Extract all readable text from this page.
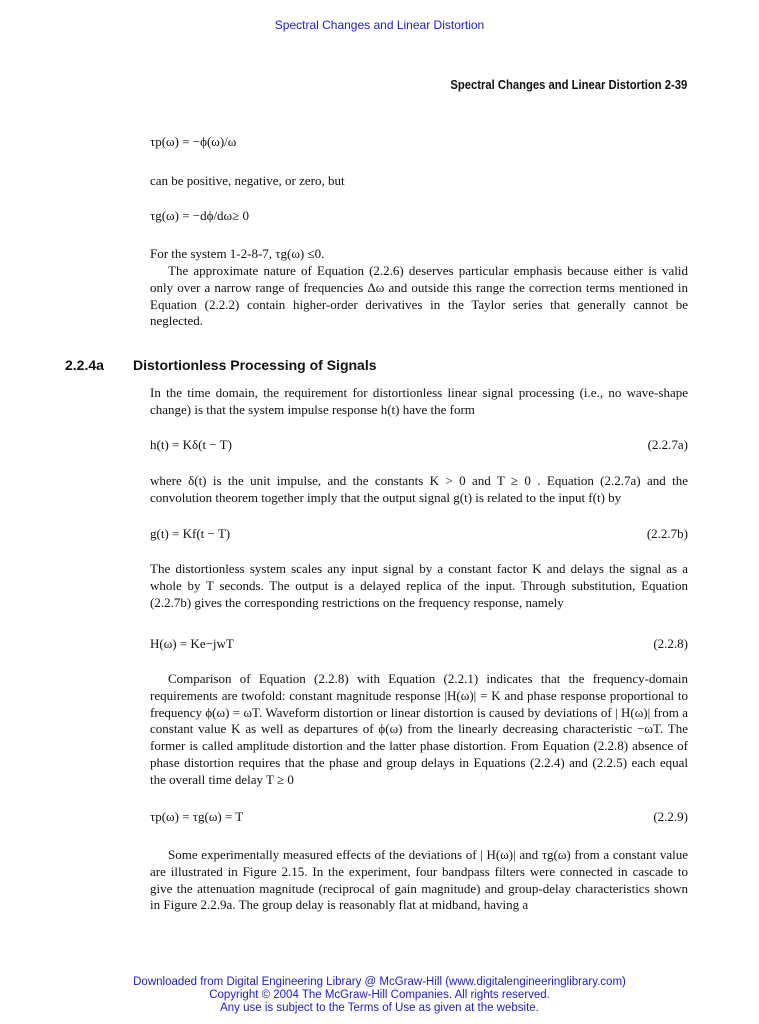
Spectral Changes and Linear Distortion
Spectral Changes and Linear Distortion 2-39
τp(ω) = −ϕ(ω)/ω
can be positive, negative, or zero, but
τg(ω) = −dϕ/dω≥ 0
For the system 1-2-8-7, τg(ω) ≤0.
The approximate nature of Equation (2.2.6) deserves particular emphasis because either is valid only over a narrow range of frequencies Δω and outside this range the correction terms mentioned in Equation (2.2.2) contain higher-order derivatives in the Taylor series that generally cannot be neglected.
2.2.4a Distortionless Processing of Signals
In the time domain, the requirement for distortionless linear signal processing (i.e., no wave-shape change) is that the system impulse response h(t) have the form
h(t) = Kδ(t − T)	(2.2.7a)
where δ(t) is the unit impulse, and the constants K > 0 and T ≥ 0 . Equation (2.2.7a) and the convolution theorem together imply that the output signal g(t) is related to the input f(t) by
g(t) = Kf(t − T)	(2.2.7b)
The distortionless system scales any input signal by a constant factor K and delays the signal as a whole by T seconds. The output is a delayed replica of the input. Through substitution, Equation (2.2.7b) gives the corresponding restrictions on the frequency response, namely
H(ω) = Ke−jwT	(2.2.8)
Comparison of Equation (2.2.8) with Equation (2.2.1) indicates that the frequency-domain requirements are twofold: constant magnitude response |H(ω)| = K and phase response proportional to frequency ϕ(ω) = ωT. Waveform distortion or linear distortion is caused by deviations of | H(ω)| from a constant value K as well as departures of ϕ(ω) from the linearly decreasing characteristic −ωT. The former is called amplitude distortion and the latter phase distortion. From Equation (2.2.8) absence of phase distortion requires that the phase and group delays in Equations (2.2.4) and (2.2.5) each equal the overall time delay T ≥ 0
τp(ω) = τg(ω) = T	(2.2.9)
Some experimentally measured effects of the deviations of | H(ω)| and τg(ω) from a constant value are illustrated in Figure 2.15. In the experiment, four bandpass filters were connected in cascade to give the attenuation magnitude (reciprocal of gain magnitude) and group-delay characteristics shown in Figure 2.2.9a. The group delay is reasonably flat at midband, having a
Downloaded from Digital Engineering Library @ McGraw-Hill (www.digitalengineeringlibrary.com)
Copyright © 2004 The McGraw-Hill Companies. All rights reserved.
Any use is subject to the Terms of Use as given at the website.
